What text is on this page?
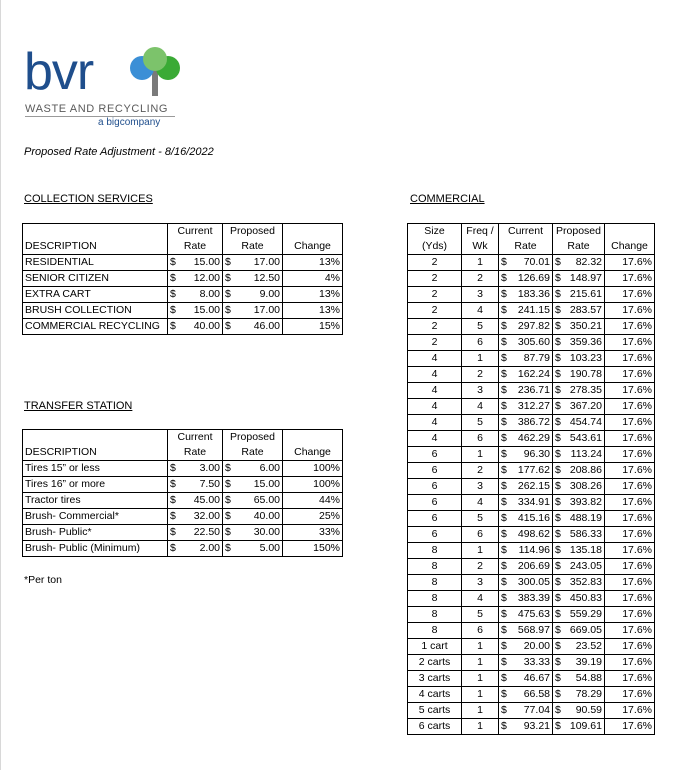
bvr
WASTE AND RECYCLING
a bigcompany
Proposed Rate Adjustment - 8/16/2022
COLLECTION SERVICES
	Current	Proposed	
DESCRIPTION	Rate	Rate	Change
RESIDENTIAL	$ 15.00	$ 17.00	13%
SENIOR CITIZEN	$ 12.00	$ 12.50	4%
EXTRA CART	$ 8.00	$ 9.00	13%
BRUSH COLLECTION	$ 15.00	$ 17.00	13%
COMMERCIAL RECYCLING	$ 40.00	$ 46.00	15%
TRANSFER STATION
	Current	Proposed	
DESCRIPTION	Rate	Rate	Change
Tires 15” or less	$ 3.00	$ 6.00	100%
Tires 16” or more	$ 7.50	$ 15.00	100%
Tractor tires	$ 45.00	$ 65.00	44%
Brush- Commercial*	$ 32.00	$ 40.00	25%
Brush- Public*	$ 22.50	$ 30.00	33%
Brush- Public (Minimum)	$ 2.00	$ 5.00	150%
*Per ton
COMMERCIAL
Size	Freq /	Current	Proposed	
(Yds)	Wk	Rate	Rate	Change
2	1	$ 70.01	$ 82.32	17.6%
2	2	$ 126.69	$ 148.97	17.6%
2	3	$ 183.36	$ 215.61	17.6%
2	4	$ 241.15	$ 283.57	17.6%
2	5	$ 297.82	$ 350.21	17.6%
2	6	$ 305.60	$ 359.36	17.6%
4	1	$ 87.79	$ 103.23	17.6%
4	2	$ 162.24	$ 190.78	17.6%
4	3	$ 236.71	$ 278.35	17.6%
4	4	$ 312.27	$ 367.20	17.6%
4	5	$ 386.72	$ 454.74	17.6%
4	6	$ 462.29	$ 543.61	17.6%
6	1	$ 96.30	$ 113.24	17.6%
6	2	$ 177.62	$ 208.86	17.6%
6	3	$ 262.15	$ 308.26	17.6%
6	4	$ 334.91	$ 393.82	17.6%
6	5	$ 415.16	$ 488.19	17.6%
6	6	$ 498.62	$ 586.33	17.6%
8	1	$ 114.96	$ 135.18	17.6%
8	2	$ 206.69	$ 243.05	17.6%
8	3	$ 300.05	$ 352.83	17.6%
8	4	$ 383.39	$ 450.83	17.6%
8	5	$ 475.63	$ 559.29	17.6%
8	6	$ 568.97	$ 669.05	17.6%
1 cart	1	$ 20.00	$ 23.52	17.6%
2 carts	1	$ 33.33	$ 39.19	17.6%
3 carts	1	$ 46.67	$ 54.88	17.6%
4 carts	1	$ 66.58	$ 78.29	17.6%
5 carts	1	$ 77.04	$ 90.59	17.6%
6 carts	1	$ 93.21	$ 109.61	17.6%
